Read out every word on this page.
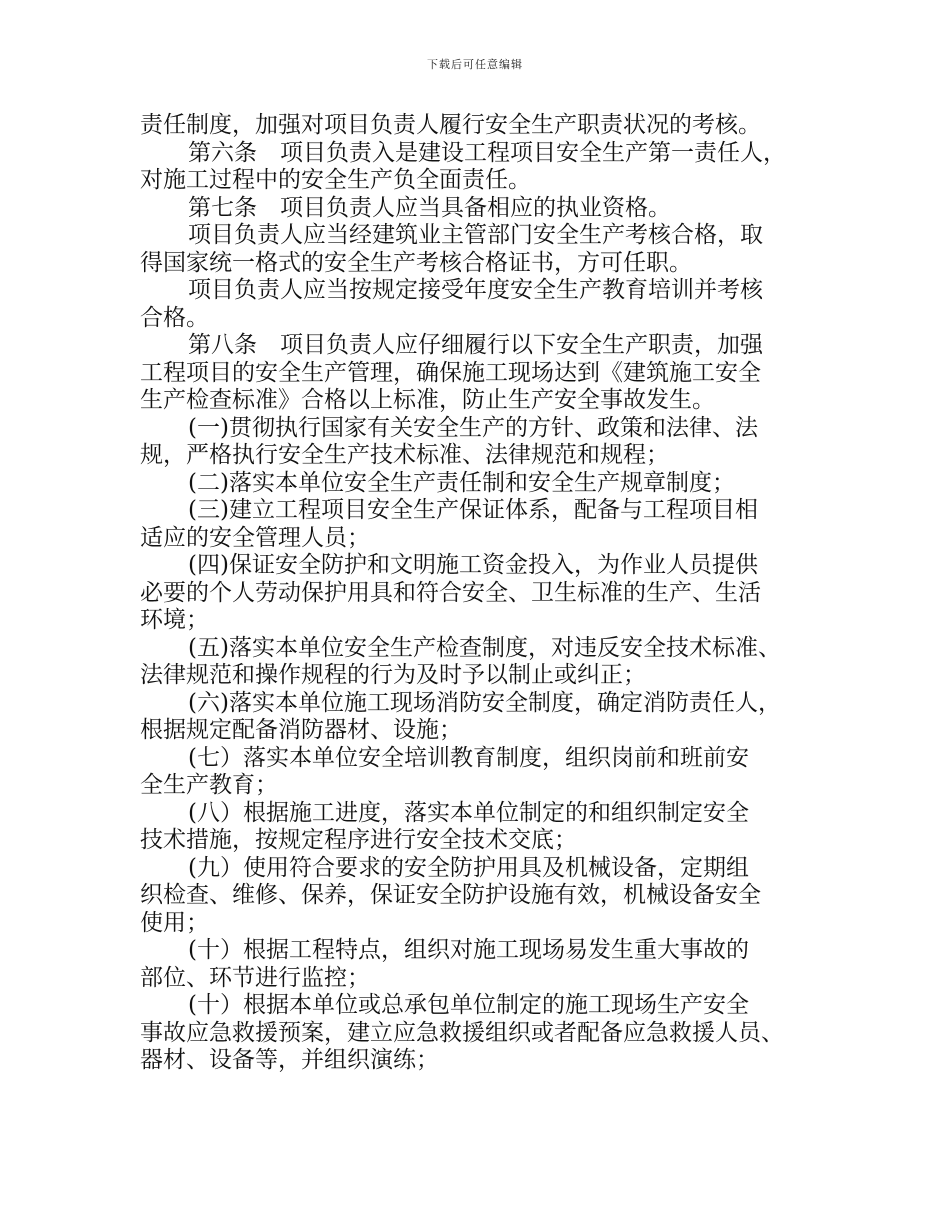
下载后可任意编辑
责任制度，加强对项目负责人履行安全生产职责状况的考核。
第六条　项目负责入是建设工程项目安全生产第一责任人，
对施工过程中的安全生产负全面责任。
第七条　项目负责人应当具备相应的执业资格。
项目负责人应当经建筑业主管部门安全生产考核合格，取
得国家统一格式的安全生产考核合格证书，方可任职。
项目负责人应当按规定接受年度安全生产教育培训并考核
合格。
第八条　项目负责人应仔细履行以下安全生产职责，加强
工程项目的安全生产管理，确保施工现场达到《建筑施工安全
生产检查标准》合格以上标准，防止生产安全事故发生。
(一)贯彻执行国家有关安全生产的方针、政策和法律、法
规，严格执行安全生产技术标准、法律规范和规程；
(二)落实本单位安全生产责任制和安全生产规章制度；
(三)建立工程项目安全生产保证体系，配备与工程项目相
适应的安全管理人员；
(四)保证安全防护和文明施工资金投入，为作业人员提供
必要的个人劳动保护用具和符合安全、卫生标准的生产、生活
环境；
(五)落实本单位安全生产检查制度，对违反安全技术标准、
法律规范和操作规程的行为及时予以制止或纠正；
(六)落实本单位施工现场消防安全制度，确定消防责任人，
根据规定配备消防器材、设施；
(七）落实本单位安全培训教育制度，组织岗前和班前安
全生产教育；
(八）根据施工进度，落实本单位制定的和组织制定安全
技术措施，按规定程序进行安全技术交底；
(九）使用符合要求的安全防护用具及机械设备，定期组
织检查、维修、保养，保证安全防护设施有效，机械设备安全
使用；
(十）根据工程特点，组织对施工现场易发生重大事故的
部位、环节进行监控；
(十）根据本单位或总承包单位制定的施工现场生产安全
事故应急救援预案，建立应急救援组织或者配备应急救援人员、
器材、设备等，并组织演练；
